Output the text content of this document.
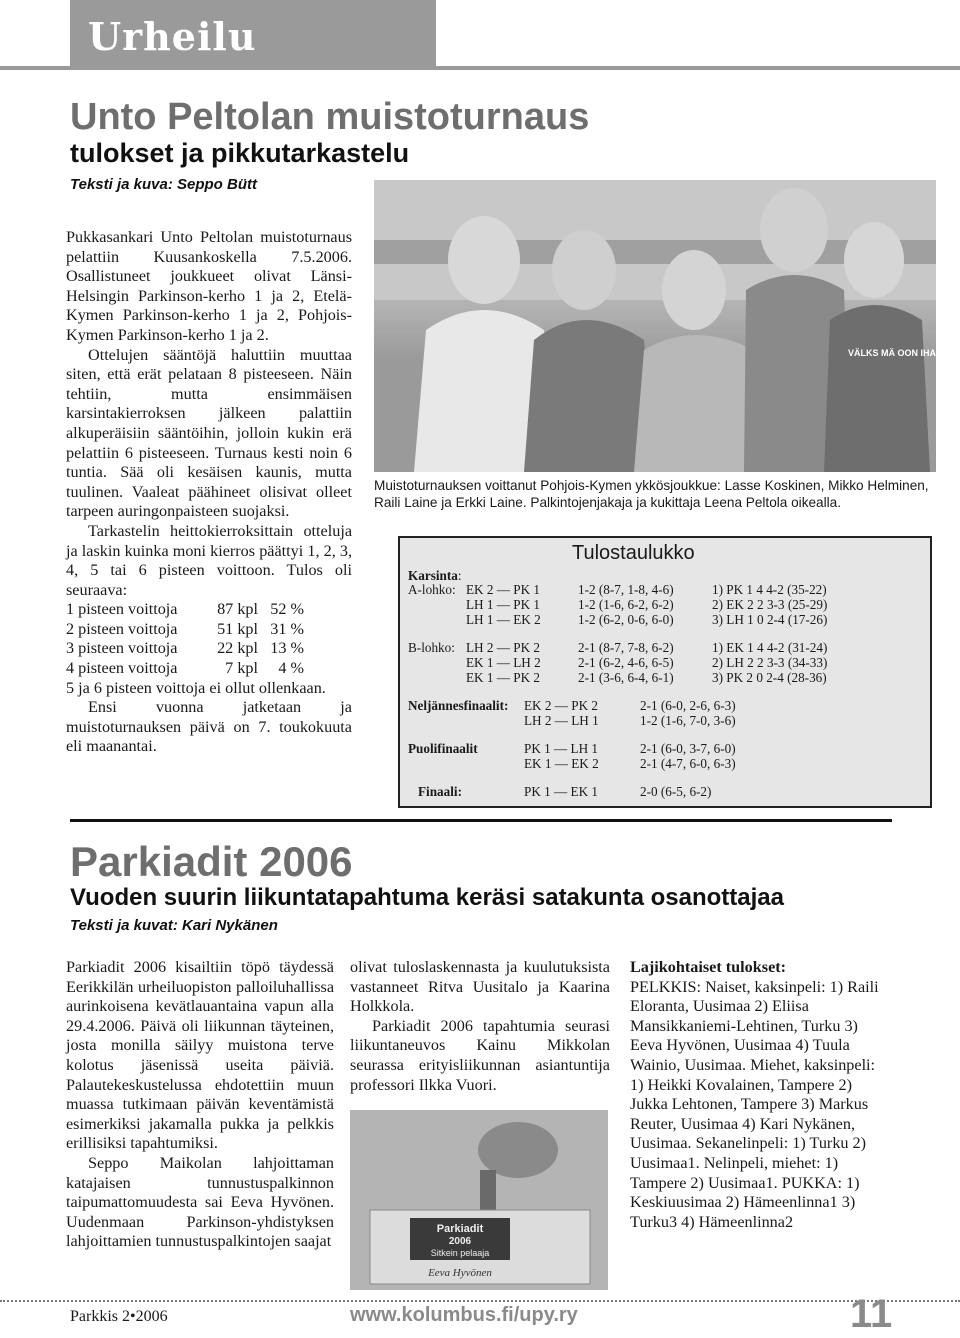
Urheilu
Unto Peltolan muistoturnaus
tulokset ja pikkutarkastelu
Teksti ja kuva: Seppo Bütt

Pukkasankari Unto Peltolan muistoturnaus pelattiin Kuusankoskella 7.5.2006. Osallistuneet joukkueet olivat Länsi-Helsingin Parkinson-kerho 1 ja 2, Etelä-Kymen Parkinson-kerho 1 ja 2, Pohjois-Kymen Parkinson-kerho 1 ja 2.

Ottelujen sääntöjä haluttiin muuttaa siten, että erät pelataan 8 pisteeseen. Näin tehtiin, mutta ensimmäisen karsintakierroksen jälkeen palattiin alkuperäisiin sääntöihin, jolloin kukin erä pelattiin 6 pisteeseen. Turnaus kesti noin 6 tuntia. Sää oli kesäisen kaunis, mutta tuulinen. Vaaleat päähineet olisivat olleet tarpeen auringonpaisteen suojaksi.

Tarkastelin heittokierroksittain otteluja ja laskin kuinka moni kierros päättyi 1, 2, 3, 4, 5 tai 6 pisteen voittoon. Tulos oli seuraava:

1 pisteen voittoja	87 kpl 52 %
2 pisteen voittoja	51 kpl 31 %
3 pisteen voittoja	22 kpl 13 %
4 pisteen voittoja	7 kpl	4 %

5 ja 6 pisteen voittoja ei ollut ollenkaan.

Ensi vuonna jatketaan ja muistoturnauksen päivä on 7. toukokuuta eli maanantai.

VÄLKS MÄ OON IHANA
Muistoturnauksen voittanut Pohjois-Kymen ykkösjoukkue: Lasse Koskinen, Mikko Helminen, Raili Laine ja Erkki Laine. Palkintojenjakaja ja kukittaja Leena Peltola oikealla.
Tulostaulukko
Karsinta:
A-lohko: EK 2 — PK 1	1-2 (8-7, 1-8, 4-6)	1) PK 1 4 4-2 (35-22)
LH 1 — PK 1	1-2 (1-6, 6-2, 6-2)	2) EK 2 2 3-3 (25-29)
LH 1 — EK 2	1-2 (6-2, 0-6, 6-0)	3) LH 1 0 2-4 (17-26)
B-lohko: LH 2 — PK 2	2-1 (8-7, 7-8, 6-2)	1) EK 1 4 4-2 (31-24)
EK 1 — LH 2	2-1 (6-2, 4-6, 6-5)	2) LH 2 2 3-3 (34-33)
EK 1 — PK 2	2-1 (3-6, 6-4, 6-1)	3) PK 2 0 2-4 (28-36)
Neljännesfinaalit: EK 2 — PK 2	2-1 (6-0, 2-6, 6-3)
LH 2 — LH 1	1-2 (1-6, 7-0, 3-6)
Puolifinaalit	PK 1 — LH 1	2-1 (6-0, 3-7, 6-0)
EK 1 — EK 2	2-1 (4-7, 6-0, 6-3)
Finaali:	PK 1 — EK 1	2-0 (6-5, 6-2)
Parkiadit 2006
Vuoden suurin liikuntatapahtuma keräsi satakunta osanottajaa
Teksti ja kuvat: Kari Nykänen

Parkiadit 2006 kisailtiin töpö täydessä Eerikkilän urheiluopiston palloiluhallissa aurinkoisena kevätlauantaina vapun alla 29.4.2006. Päivä oli liikunnan täyteinen, josta monilla säilyy muistona terve kolotus jäsenissä useita päiviä. Palautekeskustelussa ehdotettiin muun muassa tutkimaan päivän keventämistä esimerkiksi jakamalla pukka ja pelkkis erillisiksi tapahtumiksi.

Seppo Maikolan lahjoittaman katajaisen tunnustuspalkinnon taipumattomuudesta sai Eeva Hyvönen. Uudenmaan Parkinson-yhdistyksen lahjoittamien tunnustuspalkintojen saajat

olivat tuloslaskennasta ja kuulutuksista vastanneet Ritva Uusitalo ja Kaarina Holkkola.

Parkiadit 2006 tapahtumia seurasi liikuntaneuvos Kainu Mikkolan seurassa erityisliikunnan asiantuntija professori Ilkka Vuori.

Parkiadit
2006
Sitkein pelaaja
Eeva Hyvönen

Lajikohtaiset tulokset:

PELKKIS: Naiset, kaksinpeli: 1) Raili Eloranta, Uusimaa 2) Eliisa Mansikkaniemi-Lehtinen, Turku 3) Eeva Hyvönen, Uusimaa 4) Tuula Wainio, Uusimaa. Miehet, kaksinpeli: 1) Heikki Kovalainen, Tampere 2) Jukka Lehtonen, Tampere 3) Markus Reuter, Uusimaa 4) Kari Nykänen, Uusimaa. Sekanelinpeli: 1) Turku 2) Uusimaa1. Nelinpeli, miehet: 1) Tampere 2) Uusimaa1. PUKKA: 1) Keskiuusimaa 2) Hämeenlinna1 3) Turku3 4) Hämeenlinna2

Parkkis 2•2006	www.kolumbus.fi/upy.ry	11
